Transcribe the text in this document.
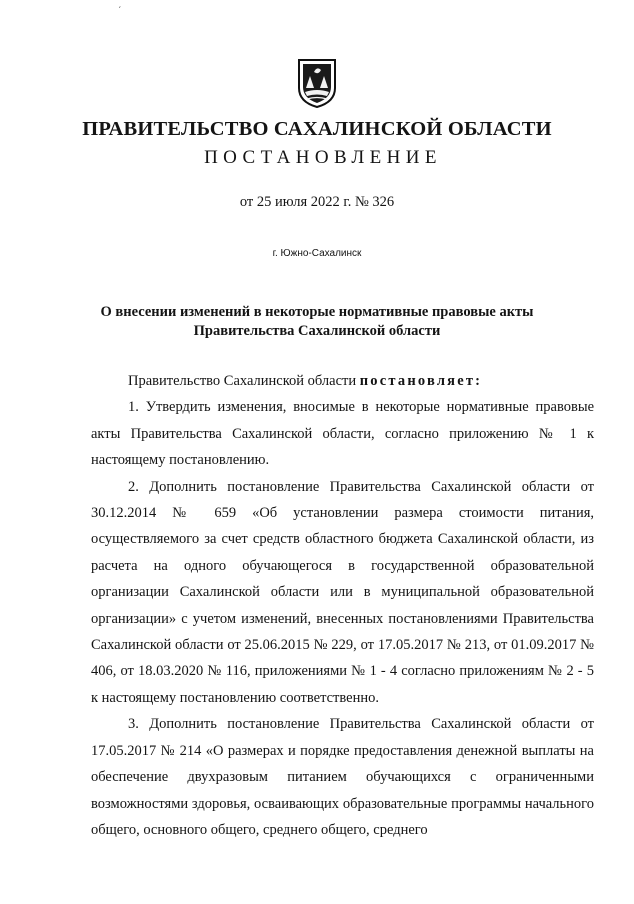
ˊ
ПРАВИТЕЛЬСТВО САХАЛИНСКОЙ ОБЛАСТИ
ПОСТАНОВЛЕНИЕ
от 25 июля 2022 г. № 326
г. Южно-Сахалинск
О внесении изменений в некоторые нормативные правовые акты
Правительства Сахалинской области

Правительство Сахалинской области постановляет:

1. Утвердить изменения, вносимые в некоторые нормативные правовые акты Правительства Сахалинской области, согласно приложению № 1 к настоящему постановлению.

2. Дополнить постановление Правительства Сахалинской области от 30.12.2014 № 659 «Об установлении размера стоимости питания, осуществляемого за счет средств областного бюджета Сахалинской области, из расчета на одного обучающегося в государственной образовательной организации Сахалинской области или в муниципальной образовательной организации» с учетом изменений, внесенных постановлениями Правительства Сахалинской области от 25.06.2015 № 229, от 17.05.2017 № 213, от 01.09.2017 № 406, от 18.03.2020 № 116, приложениями № 1 - 4 согласно приложениям № 2 - 5 к настоящему постановлению соответственно.

3. Дополнить постановление Правительства Сахалинской области от 17.05.2017 № 214 «О размерах и порядке предоставления денежной выплаты на обеспечение двухразовым питанием обучающихся с ограниченными возможностями здоровья, осваивающих образовательные программы начального общего, основного общего, среднего общего, среднего
